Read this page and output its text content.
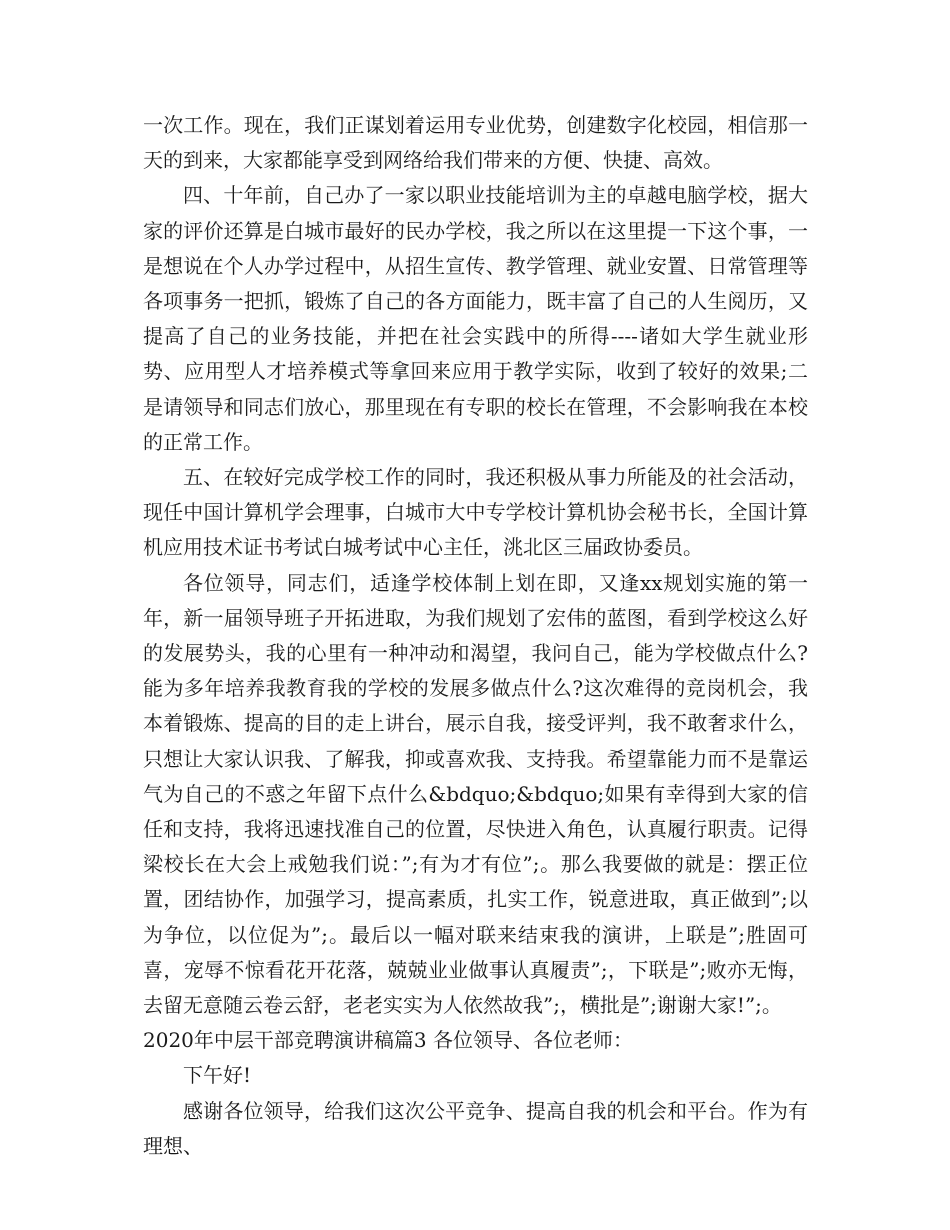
一次工作。现在，我们正谋划着运用专业优势，创建数字化校园，相信那一天的到来，大家都能享受到网络给我们带来的方便、快捷、高效。

四、十年前，自己办了一家以职业技能培训为主的卓越电脑学校，据大家的评价还算是白城市最好的民办学校，我之所以在这里提一下这个事，一是想说在个人办学过程中，从招生宣传、教学管理、就业安置、日常管理等各项事务一把抓，锻炼了自己的各方面能力，既丰富了自己的人生阅历，又提高了自己的业务技能，并把在社会实践中的所得----诸如大学生就业形势、应用型人才培养模式等拿回来应用于教学实际，收到了较好的效果;二是请领导和同志们放心，那里现在有专职的校长在管理，不会影响我在本校的正常工作。

五、在较好完成学校工作的同时，我还积极从事力所能及的社会活动，现任中国计算机学会理事，白城市大中专学校计算机协会秘书长，全国计算机应用技术证书考试白城考试中心主任，洮北区三届政协委员。

各位领导，同志们，适逢学校体制上划在即，又逢xx规划实施的第一年，新一届领导班子开拓进取，为我们规划了宏伟的蓝图，看到学校这么好的发展势头，我的心里有一种冲动和渴望，我问自己，能为学校做点什么?能为多年培养我教育我的学校的发展多做点什么?这次难得的竞岗机会，我本着锻炼、提高的目的走上讲台，展示自我，接受评判，我不敢奢求什么，只想让大家认识我、了解我，抑或喜欢我、支持我。希望靠能力而不是靠运气为自己的不惑之年留下点什么&bdquo;&bdquo;如果有幸得到大家的信任和支持，我将迅速找准自己的位置，尽快进入角色，认真履行职责。记得梁校长在大会上戒勉我们说：”;有为才有位”;。那么我要做的就是：摆正位置，团结协作，加强学习，提高素质，扎实工作，锐意进取，真正做到”;以为争位，以位促为”;。最后以一幅对联来结束我的演讲，上联是”;胜固可喜，宠辱不惊看花开花落，兢兢业业做事认真履责”;，下联是”;败亦无悔，去留无意随云卷云舒，老老实实为人依然故我”;，横批是”;谢谢大家!”;。

2020年中层干部竞聘演讲稿篇3 各位领导、各位老师：

下午好!

感谢各位领导，给我们这次公平竞争、提高自我的机会和平台。作为有理想、
